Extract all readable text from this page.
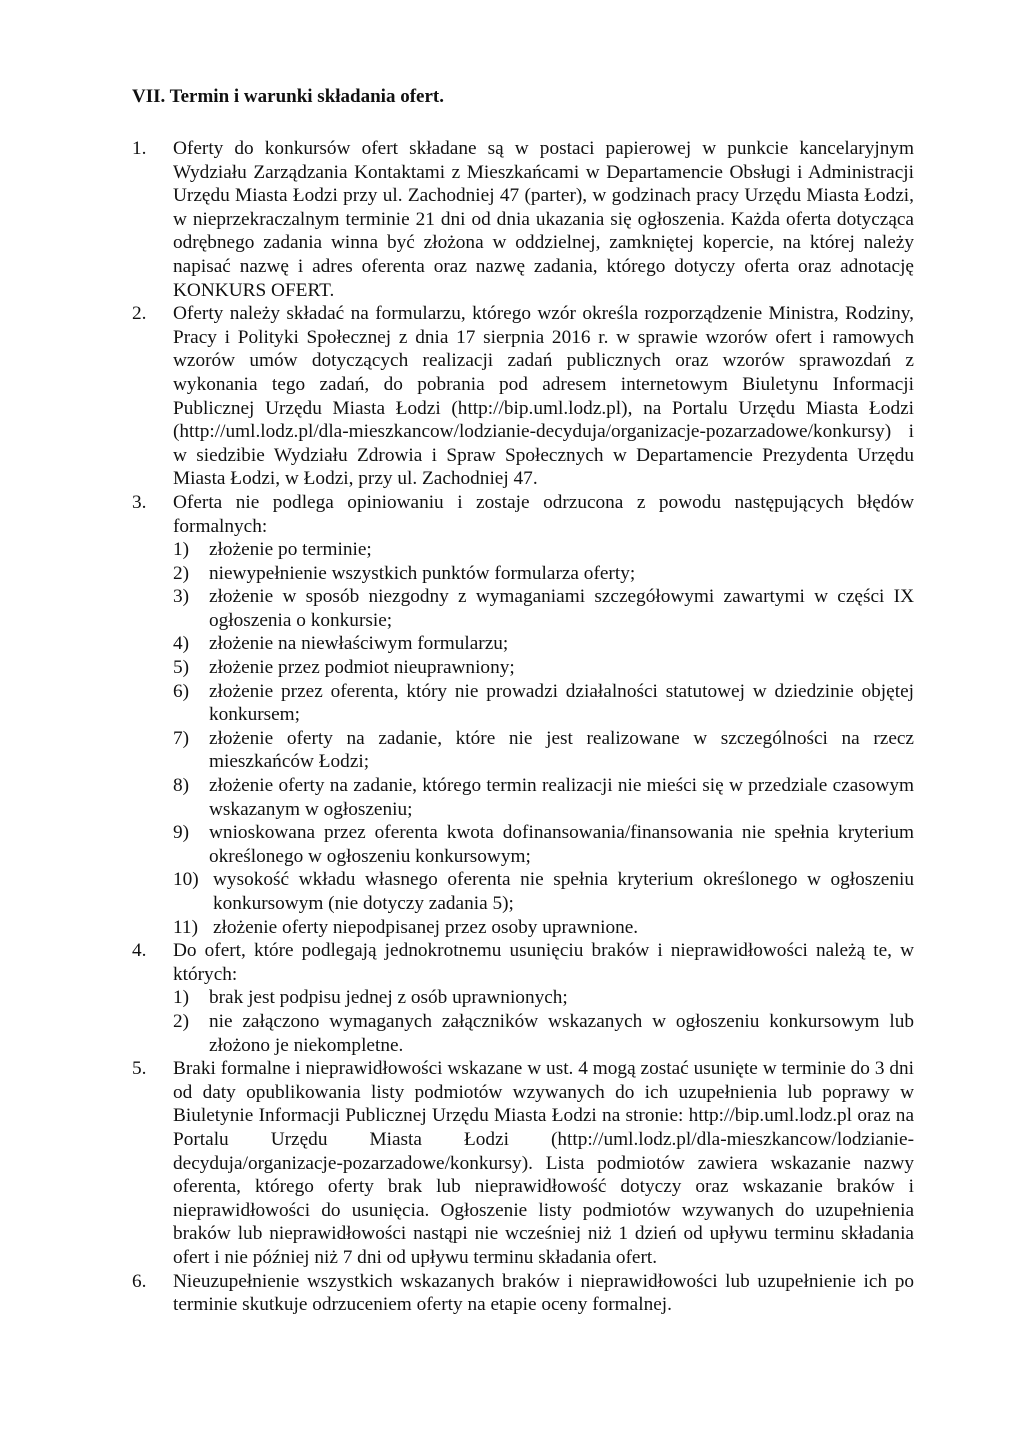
VII. Termin i warunki składania ofert.
1. Oferty do konkursów ofert składane są w postaci papierowej w punkcie kancelaryjnym Wydziału Zarządzania Kontaktami z Mieszkańcami w Departamencie Obsługi i Administracji Urzędu Miasta Łodzi przy ul. Zachodniej 47 (parter), w godzinach pracy Urzędu Miasta Łodzi, w nieprzekraczalnym terminie 21 dni od dnia ukazania się ogłoszenia. Każda oferta dotycząca odrębnego zadania winna być złożona w oddzielnej, zamkniętej kopercie, na której należy napisać nazwę i adres oferenta oraz nazwę zadania, którego dotyczy oferta oraz adnotację KONKURS OFERT.
2. Oferty należy składać na formularzu, którego wzór określa rozporządzenie Ministra, Rodziny, Pracy i Polityki Społecznej z dnia 17 sierpnia 2016 r. w sprawie wzorów ofert i ramowych wzorów umów dotyczących realizacji zadań publicznych oraz wzorów sprawozdań z wykonania tego zadań, do pobrania pod adresem internetowym Biuletynu Informacji Publicznej Urzędu Miasta Łodzi (http://bip.uml.lodz.pl), na Portalu Urzędu Miasta Łodzi (http://uml.lodz.pl/dla-mieszkancow/lodzianie-decyduja/organizacje-pozarzadowe/konkursy) i w siedzibie Wydziału Zdrowia i Spraw Społecznych w Departamencie Prezydenta Urzędu Miasta Łodzi, w Łodzi, przy ul. Zachodniej 47.
3. Oferta nie podlega opiniowaniu i zostaje odrzucona z powodu następujących błędów formalnych:
1) złożenie po terminie;
2) niewypełnienie wszystkich punktów formularza oferty;
3) złożenie w sposób niezgodny z wymaganiami szczegółowymi zawartymi w części IX ogłoszenia o konkursie;
4) złożenie na niewłaściwym formularzu;
5) złożenie przez podmiot nieuprawniony;
6) złożenie przez oferenta, który nie prowadzi działalności statutowej w dziedzinie objętej konkursem;
7) złożenie oferty na zadanie, które nie jest realizowane w szczególności na rzecz mieszkańców Łodzi;
8) złożenie oferty na zadanie, którego termin realizacji nie mieści się w przedziale czasowym wskazanym w ogłoszeniu;
9) wnioskowana przez oferenta kwota dofinansowania/finansowania nie spełnia kryterium określonego w ogłoszeniu konkursowym;
10) wysokość wkładu własnego oferenta nie spełnia kryterium określonego w ogłoszeniu konkursowym (nie dotyczy zadania 5);
11) złożenie oferty niepodpisanej przez osoby uprawnione.
4. Do ofert, które podlegają jednokrotnemu usunięciu braków i nieprawidłowości należą te, w których:
1) brak jest podpisu jednej z osób uprawnionych;
2) nie załączono wymaganych załączników wskazanych w ogłoszeniu konkursowym lub złożono je niekompletne.
5. Braki formalne i nieprawidłowości wskazane w ust. 4 mogą zostać usunięte w terminie do 3 dni od daty opublikowania listy podmiotów wzywanych do ich uzupełnienia lub poprawy w Biuletynie Informacji Publicznej Urzędu Miasta Łodzi na stronie: http://bip.uml.lodz.pl oraz na Portalu Urzędu Miasta Łodzi (http://uml.lodz.pl/dla-mieszkancow/lodzianie-decyduja/organizacje-pozarzadowe/konkursy). Lista podmiotów zawiera wskazanie nazwy oferenta, którego oferty brak lub nieprawidłowość dotyczy oraz wskazanie braków i nieprawidłowości do usunięcia. Ogłoszenie listy podmiotów wzywanych do uzupełnienia braków lub nieprawidłowości nastąpi nie wcześniej niż 1 dzień od upływu terminu składania ofert i nie później niż 7 dni od upływu terminu składania ofert.
6. Nieuzupełnienie wszystkich wskazanych braków i nieprawidłowości lub uzupełnienie ich po terminie skutkuje odrzuceniem oferty na etapie oceny formalnej.
